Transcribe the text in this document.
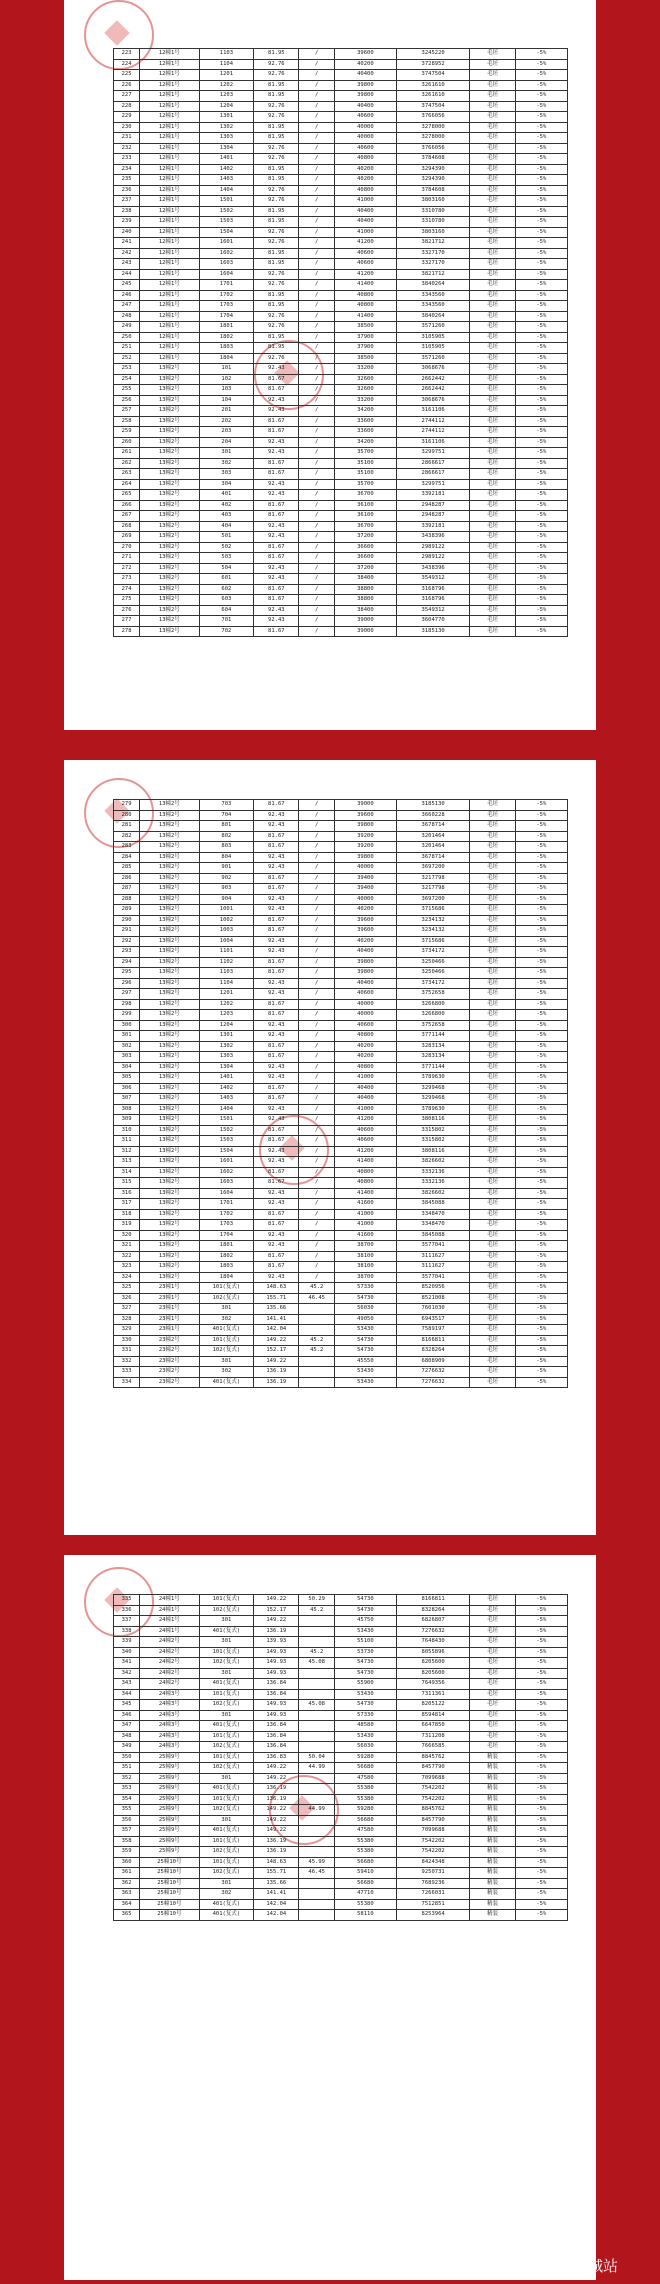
223	12幢1号	1103	81.95	/	39600	3245220	毛坯	-5%
224	12幢1号	1104	92.76	/	40200	3728952	毛坯	-5%
225	12幢1号	1201	92.76	/	40400	3747504	毛坯	-5%
226	12幢1号	1202	81.95	/	39800	3261610	毛坯	-5%
227	12幢1号	1203	81.95	/	39800	3261610	毛坯	-5%
228	12幢1号	1204	92.76	/	40400	3747504	毛坯	-5%
229	12幢1号	1301	92.76	/	40600	3766056	毛坯	-5%
230	12幢1号	1302	81.95	/	40000	3278000	毛坯	-5%
231	12幢1号	1303	81.95	/	40000	3278000	毛坯	-5%
232	12幢1号	1304	92.76	/	40600	3766056	毛坯	-5%
233	12幢1号	1401	92.76	/	40800	3784608	毛坯	-5%
234	12幢1号	1402	81.95	/	40200	3294390	毛坯	-5%
235	12幢1号	1403	81.95	/	40200	3294390	毛坯	-5%
236	12幢1号	1404	92.76	/	40800	3784608	毛坯	-5%
237	12幢1号	1501	92.76	/	41000	3803160	毛坯	-5%
238	12幢1号	1502	81.95	/	40400	3310780	毛坯	-5%
239	12幢1号	1503	81.95	/	40400	3310780	毛坯	-5%
240	12幢1号	1504	92.76	/	41000	3803160	毛坯	-5%
241	12幢1号	1601	92.76	/	41200	3821712	毛坯	-5%
242	12幢1号	1602	81.95	/	40600	3327170	毛坯	-5%
243	12幢1号	1603	81.95	/	40600	3327170	毛坯	-5%
244	12幢1号	1604	92.76	/	41200	3821712	毛坯	-5%
245	12幢1号	1701	92.76	/	41400	3840264	毛坯	-5%
246	12幢1号	1702	81.95	/	40800	3343560	毛坯	-5%
247	12幢1号	1703	81.95	/	40800	3343560	毛坯	-5%
248	12幢1号	1704	92.76	/	41400	3840264	毛坯	-5%
249	12幢1号	1801	92.76	/	38500	3571260	毛坯	-5%
250	12幢1号	1802	81.95	/	37900	3105905	毛坯	-5%
251	12幢1号	1803	81.95	/	37900	3105905	毛坯	-5%
252	12幢1号	1804	92.76	/	38500	3571260	毛坯	-5%
253	13幢2号	101	92.43	/	33200	3068676	毛坯	-5%
254	13幢2号	102	81.67	/	32600	2662442	毛坯	-5%
255	13幢2号	103	81.67	/	32600	2662442	毛坯	-5%
256	13幢2号	104	92.43	/	33200	3068676	毛坯	-5%
257	13幢2号	201	92.43	/	34200	3161106	毛坯	-5%
258	13幢2号	202	81.67	/	33600	2744112	毛坯	-5%
259	13幢2号	203	81.67	/	33600	2744112	毛坯	-5%
260	13幢2号	204	92.43	/	34200	3161106	毛坯	-5%
261	13幢2号	301	92.43	/	35700	3299751	毛坯	-5%
262	13幢2号	302	81.67	/	35100	2866617	毛坯	-5%
263	13幢2号	303	81.67	/	35100	2866617	毛坯	-5%
264	13幢2号	304	92.43	/	35700	3299751	毛坯	-5%
265	13幢2号	401	92.43	/	36700	3392181	毛坯	-5%
266	13幢2号	402	81.67	/	36100	2948287	毛坯	-5%
267	13幢2号	403	81.67	/	36100	2948287	毛坯	-5%
268	13幢2号	404	92.43	/	36700	3392181	毛坯	-5%
269	13幢2号	501	92.43	/	37200	3438396	毛坯	-5%
270	13幢2号	502	81.67	/	36600	2989122	毛坯	-5%
271	13幢2号	503	81.67	/	36600	2989122	毛坯	-5%
272	13幢2号	504	92.43	/	37200	3438396	毛坯	-5%
273	13幢2号	601	92.43	/	38400	3549312	毛坯	-5%
274	13幢2号	602	81.67	/	38800	3168796	毛坯	-5%
275	13幢2号	603	81.67	/	38800	3168796	毛坯	-5%
276	13幢2号	604	92.43	/	38400	3549312	毛坯	-5%
277	13幢2号	701	92.43	/	39000	3604770	毛坯	-5%
278	13幢2号	702	81.67	/	39000	3185130	毛坯	-5%
279	13幢2号	703	81.67	/	39000	3185130	毛坯	-5%
280	13幢2号	704	92.43	/	39600	3660228	毛坯	-5%
281	13幢2号	801	92.43	/	39800	3678714	毛坯	-5%
282	13幢2号	802	81.67	/	39200	3201464	毛坯	-5%
283	13幢2号	803	81.67	/	39200	3201464	毛坯	-5%
284	13幢2号	804	92.43	/	39800	3678714	毛坯	-5%
285	13幢2号	901	92.43	/	40000	3697200	毛坯	-5%
286	13幢2号	902	81.67	/	39400	3217798	毛坯	-5%
287	13幢2号	903	81.67	/	39400	3217798	毛坯	-5%
288	13幢2号	904	92.43	/	40000	3697200	毛坯	-5%
289	13幢2号	1001	92.43	/	40200	3715686	毛坯	-5%
290	13幢2号	1002	81.67	/	39600	3234132	毛坯	-5%
291	13幢2号	1003	81.67	/	39600	3234132	毛坯	-5%
292	13幢2号	1004	92.43	/	40200	3715686	毛坯	-5%
293	13幢2号	1101	92.43	/	40400	3734172	毛坯	-5%
294	13幢2号	1102	81.67	/	39800	3250466	毛坯	-5%
295	13幢2号	1103	81.67	/	39800	3250466	毛坯	-5%
296	13幢2号	1104	92.43	/	40400	3734172	毛坯	-5%
297	13幢2号	1201	92.43	/	40600	3752658	毛坯	-5%
298	13幢2号	1202	81.67	/	40000	3266800	毛坯	-5%
299	13幢2号	1203	81.67	/	40000	3266800	毛坯	-5%
300	13幢2号	1204	92.43	/	40600	3752658	毛坯	-5%
301	13幢2号	1301	92.43	/	40800	3771144	毛坯	-5%
302	13幢2号	1302	81.67	/	40200	3283134	毛坯	-5%
303	13幢2号	1303	81.67	/	40200	3283134	毛坯	-5%
304	13幢2号	1304	92.43	/	40800	3771144	毛坯	-5%
305	13幢2号	1401	92.43	/	41000	3789630	毛坯	-5%
306	13幢2号	1402	81.67	/	40400	3299468	毛坯	-5%
307	13幢2号	1403	81.67	/	40400	3299468	毛坯	-5%
308	13幢2号	1404	92.43	/	41000	3789630	毛坯	-5%
309	13幢2号	1501	92.43	/	41200	3808116	毛坯	-5%
310	13幢2号	1502	81.67	/	40600	3315802	毛坯	-5%
311	13幢2号	1503	81.67	/	40600	3315802	毛坯	-5%
312	13幢2号	1504	92.43	/	41200	3808116	毛坯	-5%
313	13幢2号	1601	92.43	/	41400	3826602	毛坯	-5%
314	13幢2号	1602	81.67	/	40800	3332136	毛坯	-5%
315	13幢2号	1603	81.67	/	40800	3332136	毛坯	-5%
316	13幢2号	1604	92.43	/	41400	3826602	毛坯	-5%
317	13幢2号	1701	92.43	/	41600	3845088	毛坯	-5%
318	13幢2号	1702	81.67	/	41000	3348470	毛坯	-5%
319	13幢2号	1703	81.67	/	41000	3348470	毛坯	-5%
320	13幢2号	1704	92.43	/	41600	3845088	毛坯	-5%
321	13幢2号	1801	92.43	/	38700	3577041	毛坯	-5%
322	13幢2号	1802	81.67	/	38100	3111627	毛坯	-5%
323	13幢2号	1803	81.67	/	38100	3111627	毛坯	-5%
324	13幢2号	1804	92.43	/	38700	3577041	毛坯	-5%
325	23幢1号	101(复式)	148.63	45.2	57330	8520956	毛坯	-5%
326	23幢1号	102(复式)	155.71	46.45	54730	8521008	毛坯	-5%
327	23幢1号	301	135.66		56030	7601030	毛坯	-5%
328	23幢1号	302	141.41		49050	6943517	毛坯	-5%
329	23幢1号	401(复式)	142.04		53430	7589197	毛坯	-5%
330	23幢2号	101(复式)	149.22	45.2	54730	8166811	毛坯	-5%
331	23幢2号	102(复式)	152.17	45.2	54730	8328264	毛坯	-5%
332	23幢2号	301	149.22		45550	6808909	毛坯	-5%
333	23幢2号	302	136.19		53430	7276632	毛坯	-5%
334	23幢2号	401(复式)	136.19		53430	7276632	毛坯	-5%
335	24幢1号	101(复式)	149.22	50.29	54730	8166811	毛坯	-5%
336	24幢1号	102(复式)	152.17	45.2	54730	8328264	毛坯	-5%
337	24幢1号	301	149.22		45750	6826807	毛坯	-5%
338	24幢1号	401(复式)	136.19		53430	7276632	毛坯	-5%
339	24幢2号	301	139.93		55100	7648430	毛坯	-5%
340	24幢2号	101(复式)	149.93	45.2	53730	8055896	毛坯	-5%
341	24幢2号	102(复式)	149.93	45.08	54730	8205600	毛坯	-5%
342	24幢2号	301	149.93		54730	8205600	毛坯	-5%
343	24幢2号	401(复式)	136.84		55900	7649356	毛坯	-5%
344	24幢3号	101(复式)	136.84		53430	7311361	毛坯	-5%
345	24幢3号	102(复式)	149.93	45.08	54730	8205122	毛坯	-5%
346	24幢3号	301	149.93		57330	8594814	毛坯	-5%
347	24幢3号	401(复式)	136.84		48580	6647850	毛坯	-5%
348	24幢3号	101(复式)	136.84		53430	7311208	毛坯	-5%
349	24幢3号	102(复式)	136.84		56030	7666585	毛坯	-5%
350	25幢9号	101(复式)	136.83	50.04	59280	8845762	精装	-5%
351	25幢9号	102(复式)	149.22	44.99	56680	8457790	精装	-5%
352	25幢9号	301	149.22		47580	7099688	精装	-5%
353	25幢9号	401(复式)	136.19		55380	7542202	精装	-5%
354	25幢9号	101(复式)	136.19		55380	7542202	精装	-5%
355	25幢9号	102(复式)	149.22	44.99	59280	8845762	精装	-5%
356	25幢9号	301	149.22		56680	8457790	精装	-5%
357	25幢9号	401(复式)	149.22		47580	7099688	精装	-5%
358	25幢9号	101(复式)	136.19		55380	7542202	精装	-5%
359	25幢9号	102(复式)	136.19		55380	7542202	精装	-5%
360	25幢10号	101(复式)	148.63	45.99	56680	8424348	精装	-5%
361	25幢10号	102(复式)	155.71	46.45	59410	9250731	精装	-5%
362	25幢10号	301	135.66		56680	7689236	精装	-5%
363	25幢10号	302	141.41		47710	7266031	精装	-5%
364	25幢10号	401(复式)	142.04		55380	7512851	精装	-5%
365	25幢10号	401(复式)	142.04		58110	8253964	精装	-5%
搜狐号@搜狐焦点宣城站
